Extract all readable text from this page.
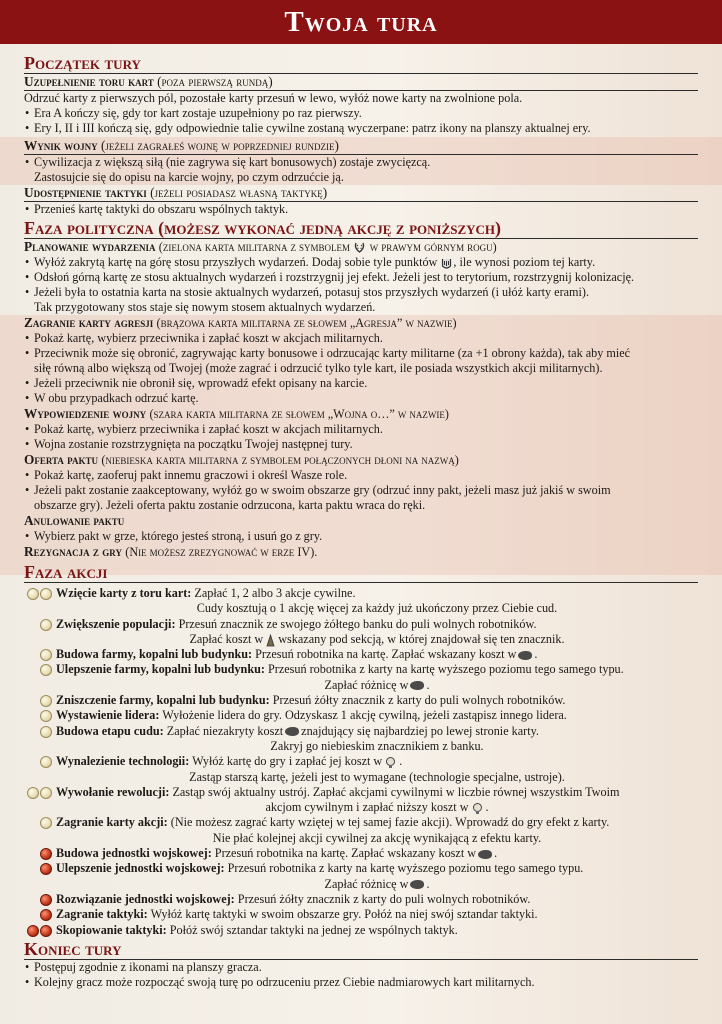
Twoja tura
Początek tury
Uzupełnienie toru kart (poza pierwszą rundą)

Odrzuć karty z pierwszych pól, pozostałe karty przesuń w lewo, wyłóż nowe karty na zwolnione pola.

• Era A kończy się, gdy tor kart zostaje uzupełniony po raz pierwszy.

• Ery I, II i III kończą się, gdy odpowiednie talie cywilne zostaną wyczerpane: patrz ikony na planszy aktualnej ery.

Wynik wojny (jeżeli zagrałeś wojnę w poprzedniej rundzie)

• Cywilizacja z większą siłą (nie zagrywa się kart bonusowych) zostaje zwycięzcą.

Zastosujcie się do opisu na karcie wojny, po czym odrzućcie ją.

Udostępnienie taktyki (jeżeli posiadasz własną taktykę)

• Przenieś kartę taktyki do obszaru wspólnych taktyk.

Faza polityczna (możesz wykonać jedną akcję z poniższych)
Planowanie wydarzenia (zielona karta militarna z symbolem w prawym górnym rogu)

• Wyłóż zakrytą kartę na górę stosu przyszłych wydarzeń. Dodaj sobie tyle punktów , ile wynosi poziom tej karty.

• Odsłoń górną kartę ze stosu aktualnych wydarzeń i rozstrzygnij jej efekt. Jeżeli jest to terytorium, rozstrzygnij kolonizację.

• Jeżeli była to ostatnia karta na stosie aktualnych wydarzeń, potasuj stos przyszłych wydarzeń (i ułóż karty erami).

Tak przygotowany stos staje się nowym stosem aktualnych wydarzeń.

Zagranie karty agresji (brązowa karta militarna ze słowem „Agresja” w nazwie)

• Pokaż kartę, wybierz przeciwnika i zapłać koszt w akcjach militarnych.

• Przeciwnik może się obronić, zagrywając karty bonusowe i odrzucając karty militarne (za +1 obrony każda), tak aby mieć

siłę równą albo większą od Twojej (może zagrać i odrzucić tylko tyle kart, ile posiada wszystkich akcji militarnych).

• Jeżeli przeciwnik nie obronił się, wprowadź efekt opisany na karcie.

• W obu przypadkach odrzuć kartę.

Wypowiedzenie wojny (szara karta militarna ze słowem „Wojna o…” w nazwie)

• Pokaż kartę, wybierz przeciwnika i zapłać koszt w akcjach militarnych.

• Wojna zostanie rozstrzygnięta na początku Twojej następnej tury.

Oferta paktu (niebieska karta militarna z symbolem połączonych dłoni na nazwą)

• Pokaż kartę, zaoferuj pakt innemu graczowi i określ Wasze role.

• Jeżeli pakt zostanie zaakceptowany, wyłóż go w swoim obszarze gry (odrzuć inny pakt, jeżeli masz już jakiś w swoim

obszarze gry). Jeżeli oferta paktu zostanie odrzucona, karta paktu wraca do ręki.

Anulowanie paktu

• Wybierz pakt w grze, którego jesteś stroną, i usuń go z gry.

Rezygnacja z gry (Nie możesz zrezygnować w erze IV).
Faza akcji
Wzięcie karty z toru kart: Zapłać 1, 2 albo 3 akcje cywilne.
Cudy kosztują o 1 akcję więcej za każdy już ukończony przez Ciebie cud.
Zwiększenie populacji: Przesuń znacznik ze swojego żółtego banku do puli wolnych robotników.
Zapłać koszt w wskazany pod sekcją, w której znajdował się ten znacznik.
Budowa farmy, kopalni lub budynku: Przesuń robotnika na kartę. Zapłać wskazany koszt w .
Ulepszenie farmy, kopalni lub budynku: Przesuń robotnika z karty na kartę wyższego poziomu tego samego typu.
Zapłać różnicę w .
Zniszczenie farmy, kopalni lub budynku: Przesuń żółty znacznik z karty do puli wolnych robotników.
Wystawienie lidera: Wyłożenie lidera do gry. Odzyskasz 1 akcję cywilną, jeżeli zastąpisz innego lidera.
Budowa etapu cudu: Zapłać niezakryty koszt znajdujący się najbardziej po lewej stronie karty.
Zakryj go niebieskim znacznikiem z banku.
Wynalezienie technologii: Wyłóż kartę do gry i zapłać jej koszt w .
Zastąp starszą kartę, jeżeli jest to wymagane (technologie specjalne, ustroje).
Wywołanie rewolucji: Zastąp swój aktualny ustrój. Zapłać akcjami cywilnymi w liczbie równej wszystkim Twoim
akcjom cywilnym i zapłać niższy koszt w .
Zagranie karty akcji: (Nie możesz zagrać karty wziętej w tej samej fazie akcji). Wprowadź do gry efekt z karty.
Nie płać kolejnej akcji cywilnej za akcję wynikającą z efektu karty.
Budowa jednostki wojskowej: Przesuń robotnika na kartę. Zapłać wskazany koszt w .
Ulepszenie jednostki wojskowej: Przesuń robotnika z karty na kartę wyższego poziomu tego samego typu.
Zapłać różnicę w .
Rozwiązanie jednostki wojskowej: Przesuń żółty znacznik z karty do puli wolnych robotników.
Zagranie taktyki: Wyłóż kartę taktyki w swoim obszarze gry. Połóż na niej swój sztandar taktyki.
Skopiowanie taktyki: Połóż swój sztandar taktyki na jednej ze wspólnych taktyk.
Koniec tury

• Postępuj zgodnie z ikonami na planszy gracza.

• Kolejny gracz może rozpocząć swoją turę po odrzuceniu przez Ciebie nadmiarowych kart militarnych.
